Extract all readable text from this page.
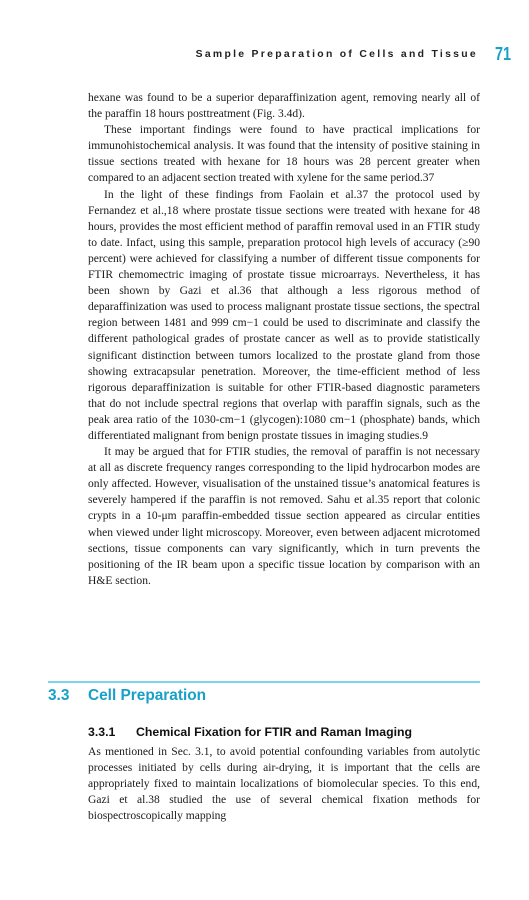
Sample Preparation of Cells and Tissue 71

hexane was found to be a superior deparaffinization agent, removing nearly all of the paraffin 18 hours posttreatment (Fig. 3.4d).

These important findings were found to have practical implications for immunohistochemical analysis. It was found that the intensity of positive staining in tissue sections treated with hexane for 18 hours was 28 percent greater when compared to an adjacent section treated with xylene for the same period.37

In the light of these findings from Faolain et al.37 the protocol used by Fernandez et al.,18 where prostate tissue sections were treated with hexane for 48 hours, provides the most efficient method of paraffin removal used in an FTIR study to date. Infact, using this sample, preparation protocol high levels of accuracy (≥90 percent) were achieved for classifying a number of different tissue components for FTIR chemomectric imaging of prostate tissue microarrays. Nevertheless, it has been shown by Gazi et al.36 that although a less rigorous method of deparaffinization was used to process malignant prostate tissue sections, the spectral region between 1481 and 999 cm−1 could be used to discriminate and classify the different pathological grades of prostate cancer as well as to provide statistically significant distinction between tumors localized to the prostate gland from those showing extracapsular penetration. Moreover, the time-efficient method of less rigorous deparaffinization is suitable for other FTIR-based diagnostic parameters that do not include spectral regions that overlap with paraffin signals, such as the peak area ratio of the 1030-cm−1 (glycogen):1080 cm−1 (phosphate) bands, which differentiated malignant from benign prostate tissues in imaging studies.9

It may be argued that for FTIR studies, the removal of paraffin is not necessary at all as discrete frequency ranges corresponding to the lipid hydrocarbon modes are only affected. However, visualisation of the unstained tissue’s anatomical features is severely hampered if the paraffin is not removed. Sahu et al.35 report that colonic crypts in a 10-μm paraffin-embedded tissue section appeared as circular entities when viewed under light microscopy. Moreover, even between adjacent microtomed sections, tissue components can vary significantly, which in turn prevents the positioning of the IR beam upon a specific tissue location by comparison with an H&E section.

3.3 Cell Preparation
3.3.1 Chemical Fixation for FTIR and Raman Imaging

As mentioned in Sec. 3.1, to avoid potential confounding variables from autolytic processes initiated by cells during air-drying, it is important that the cells are appropriately fixed to maintain localizations of biomolecular species. To this end, Gazi et al.38 studied the use of several chemical fixation methods for biospectroscopically mapping
